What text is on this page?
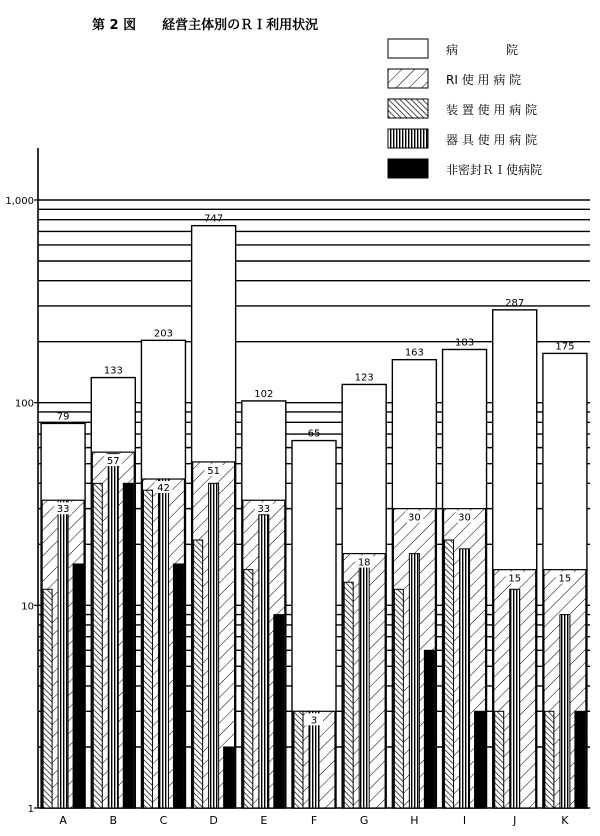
第 2 図　　経営主体別のＲＩ利用状況
1
10
100
1,000
A	B	C	D	E	F	G	H	I	J	K
79
33
133
57
203
42
747
51
102
33
65
3
123
18
163
30
183
30
287
15
175
15
病　　　　院
RI 使 用 病 院
装 置 使 用 病 院
器 具 使 用 病 院
非密封ＲＩ使病院
